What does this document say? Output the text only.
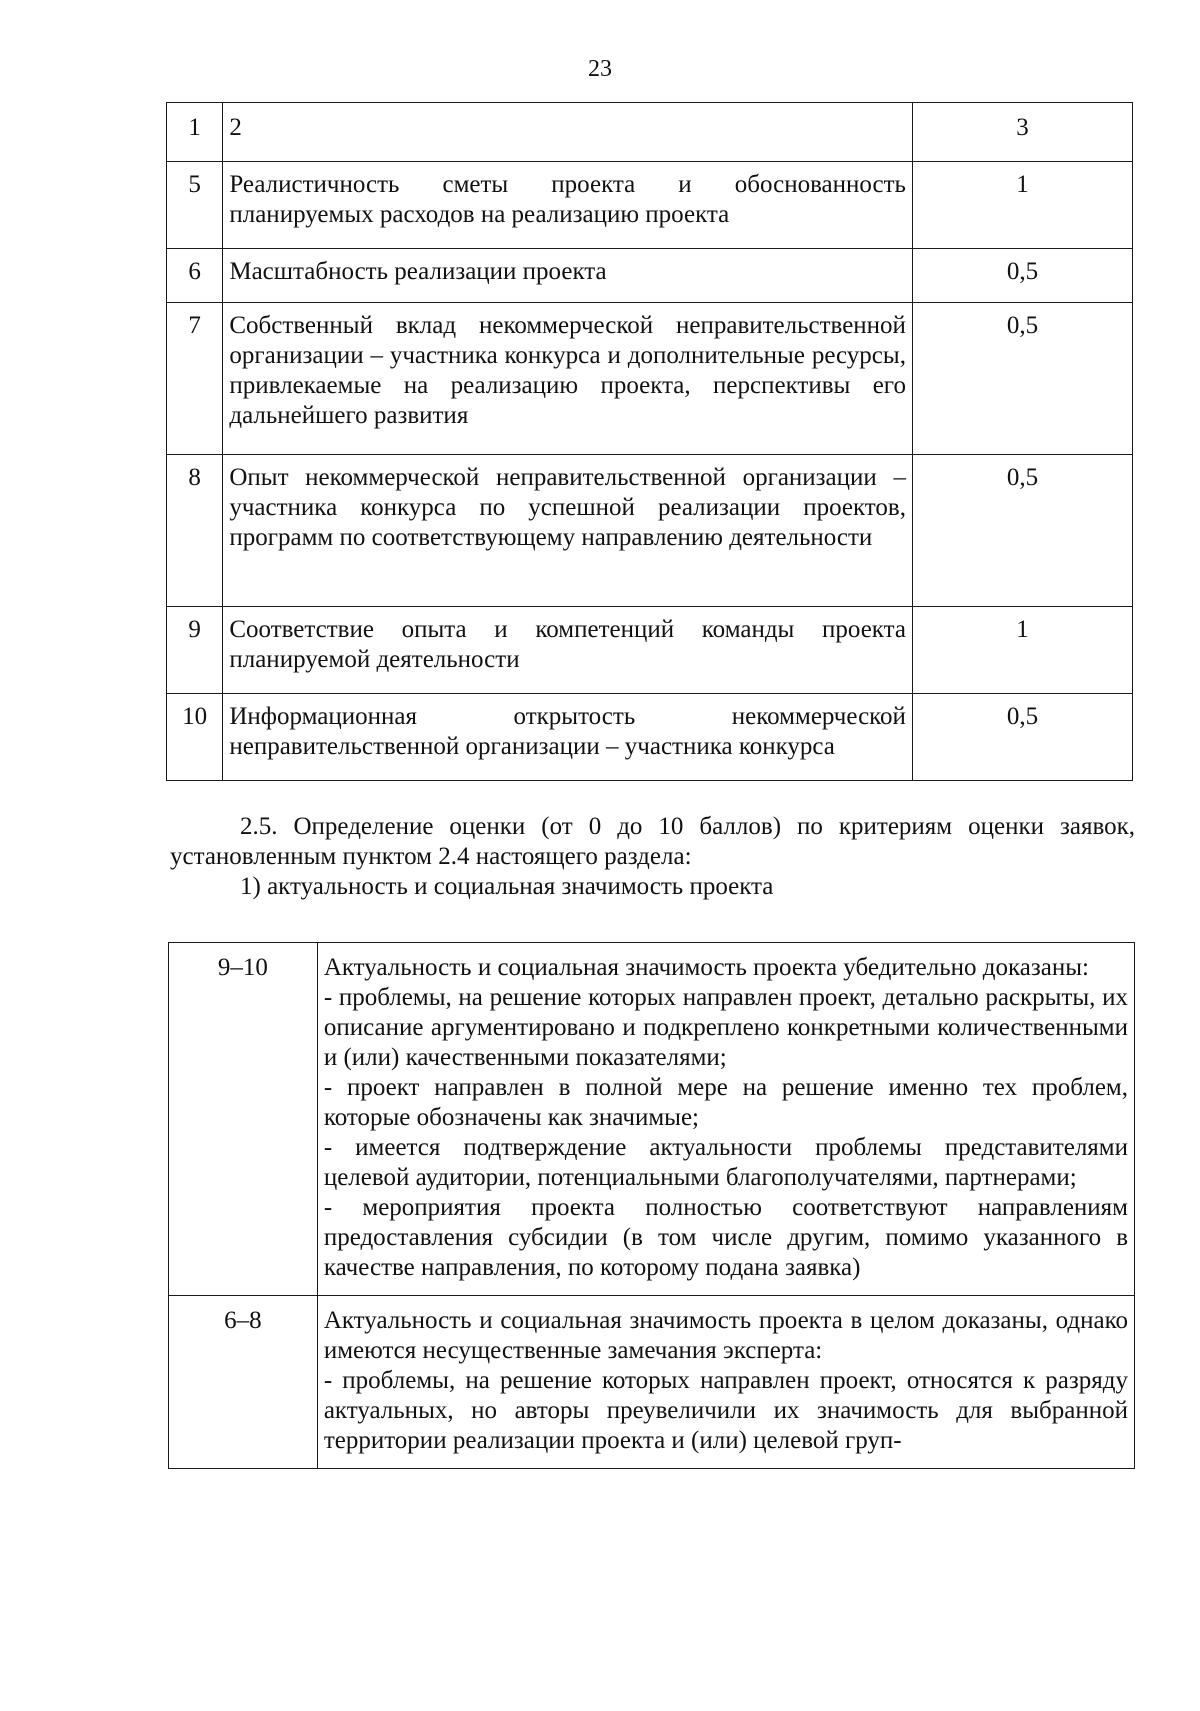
23
1	2	3
5	Реалистичность сметы проекта и обоснованность планируемых расходов на реализацию проекта	1
6	Масштабность реализации проекта	0,5
7	Собственный вклад некоммерческой неправительственной организации – участника конкурса и дополнительные ресурсы, привлекаемые на реализацию проекта, перспективы его дальнейшего развития	0,5
8	Опыт некоммерческой неправительственной организации – участника конкурса по успешной реализации проектов, программ по соответствующему направлению деятельности	0,5
9	Соответствие опыта и компетенций команды проекта планируемой деятельности	1
10	Информационная открытость некоммерческой неправительственной организации – участника конкурса	0,5

2.5. Определение оценки (от 0 до 10 баллов) по критериям оценки заявок, установленным пунктом 2.4 настоящего раздела:

1) актуальность и социальная значимость проекта

9–10	Актуальность и социальная значимость проекта убедительно доказаны:
- проблемы, на решение которых направлен проект, детально раскрыты, их описание аргументировано и подкреплено конкретными количественными и (или) качественными показателями;
- проект направлен в полной мере на решение именно тех проблем, которые обозначены как значимые;
- имеется подтверждение актуальности проблемы представителями целевой аудитории, потенциальными благополучателями, партнерами;
- мероприятия проекта полностью соответствуют направлениям предоставления субсидии (в том числе другим, помимо указанного в качестве направления, по которому подана заявка)

6–8	Актуальность и социальная значимость проекта в целом доказаны, однако имеются несущественные замечания эксперта:
- проблемы, на решение которых направлен проект, относятся к разряду актуальных, но авторы преувеличили их значимость для выбранной территории реализации проекта и (или) целевой груп-
